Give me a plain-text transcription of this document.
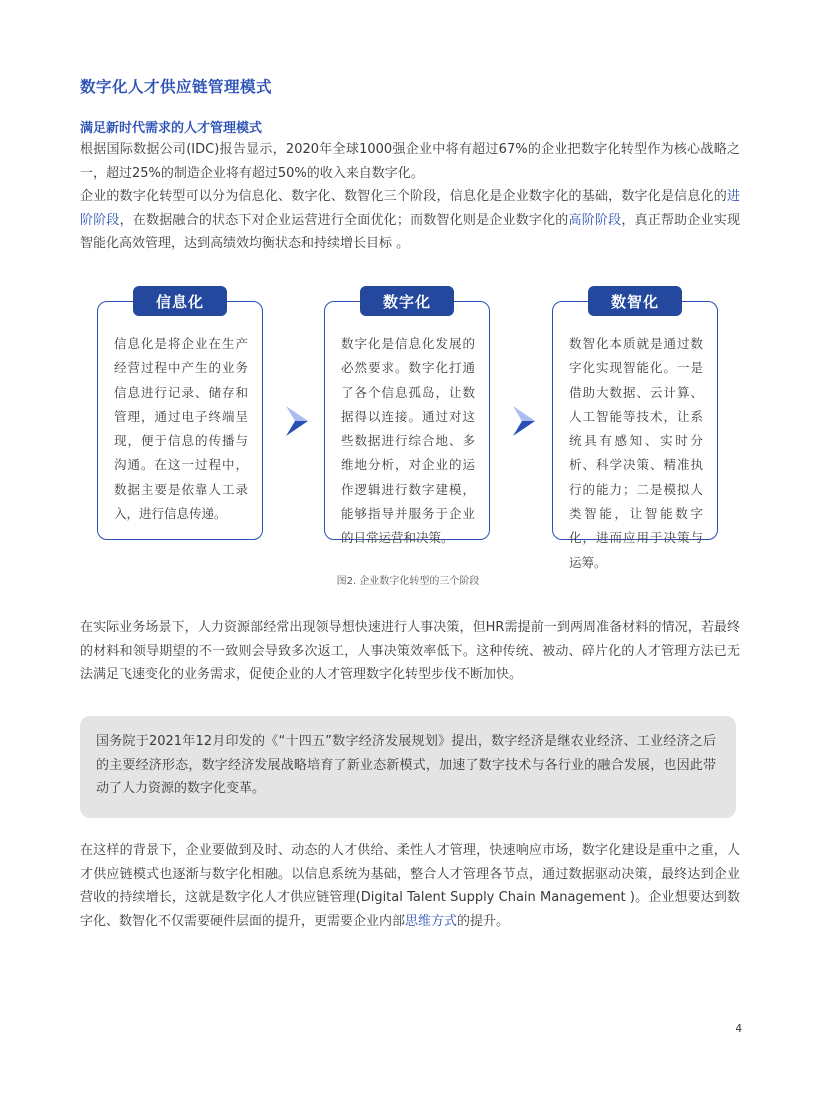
数字化人才供应链管理模式
满足新时代需求的人才管理模式

根据国际数据公司(IDC)报告显示，2020年全球1000强企业中将有超过67%的企业把数字化转型作为核心战略之一，超过25%的制造企业将有超过50%的收入来自数字化。

企业的数字化转型可以分为信息化、数字化、数智化三个阶段，信息化是企业数字化的基础，数字化是信息化的进阶阶段，在数据融合的状态下对企业运营进行全面优化；而数智化则是企业数字化的高阶阶段，真正帮助企业实现智能化高效管理，达到高绩效均衡状态和持续增长目标 。

信息化

信息化是将企业在生产经营过程中产生的业务信息进行记录、储存和管理，通过电子终端呈现，便于信息的传播与沟通。在这一过程中，数据主要是依靠人工录入，进行信息传递。

数字化

数字化是信息化发展的必然要求。数字化打通了各个信息孤岛，让数据得以连接。通过对这些数据进行综合地、多维地分析，对企业的运作逻辑进行数字建模，能够指导并服务于企业的日常运营和决策。

数智化

数智化本质就是通过数字化实现智能化。一是借助大数据、云计算、人工智能等技术，让系统具有感知、实时分析、科学决策、精准执行的能力；二是模拟人类智能，让智能数字化，进而应用于决策与运筹。

图2. 企业数字化转型的三个阶段

在实际业务场景下，人力资源部经常出现领导想快速进行人事决策，但HR需提前一到两周准备材料的情况，若最终的材料和领导期望的不一致则会导致多次返工，人事决策效率低下。这种传统、被动、碎片化的人才管理方法已无法满足飞速变化的业务需求，促使企业的人才管理数字化转型步伐不断加快。

国务院于2021年12月印发的《“十四五”数字经济发展规划》提出，数字经济是继农业经济、工业经济之后的主要经济形态，数字经济发展战略培育了新业态新模式，加速了数字技术与各行业的融合发展，也因此带动了人力资源的数字化变革。

在这样的背景下，企业要做到及时、动态的人才供给、柔性人才管理，快速响应市场，数字化建设是重中之重，人才供应链模式也逐渐与数字化相融。以信息系统为基础，整合人才管理各节点，通过数据驱动决策，最终达到企业营收的持续增长，这就是数字化人才供应链管理(Digital Talent Supply Chain Management )。企业想要达到数字化、数智化不仅需要硬件层面的提升，更需要企业内部思维方式的提升。

4
